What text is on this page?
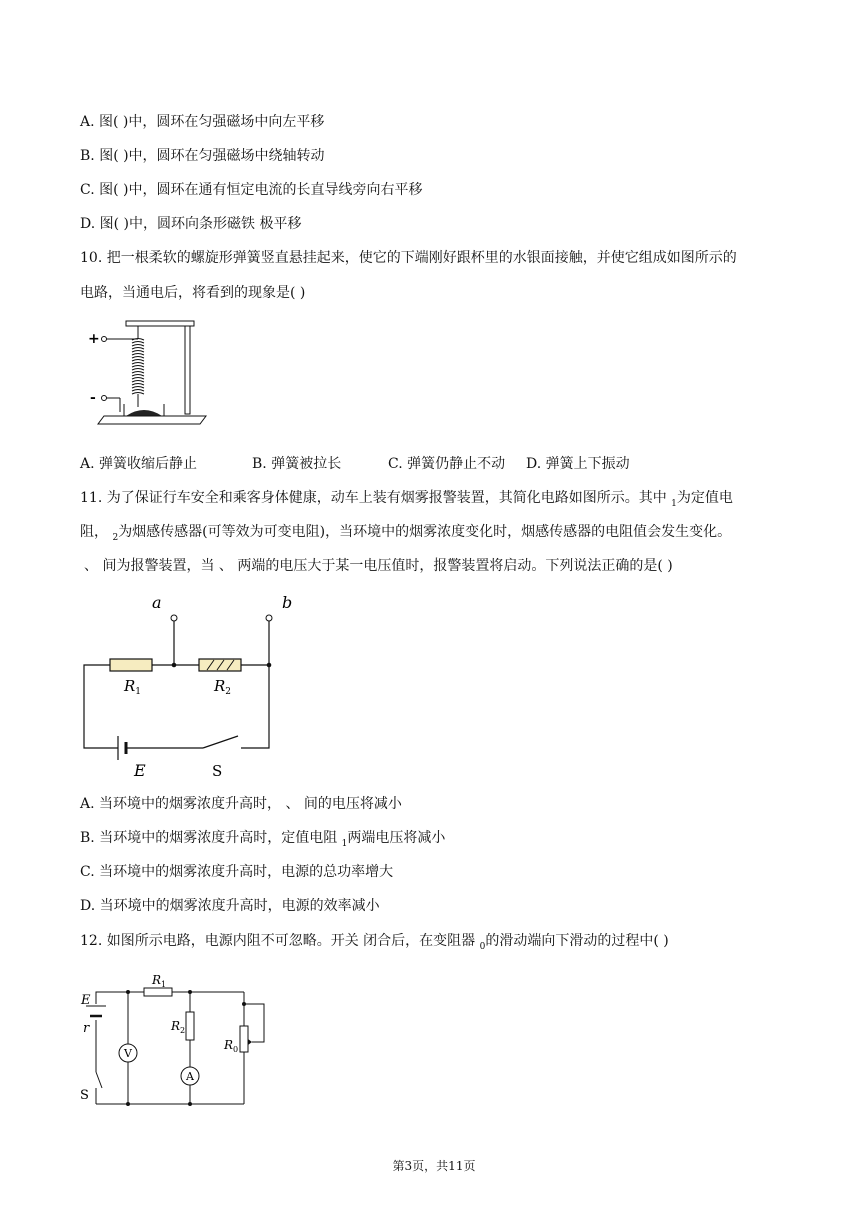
A. 图( )中，圆环在匀强磁场中向左平移
B. 图( )中，圆环在匀强磁场中绕轴转动
C. 图( )中，圆环在通有恒定电流的长直导线旁向右平移
D. 图( )中，圆环向条形磁铁 极平移
10. 把一根柔软的螺旋形弹簧竖直悬挂起来，使它的下端刚好跟杯里的水银面接触，并使它组成如图所示的
电路，当通电后，将看到的现象是( )
+
-
A. 弹簧收缩后静止	B. 弹簧被拉长	C. 弹簧仍静止不动 D. 弹簧上下振动
11. 为了保证行车安全和乘客身体健康，动车上装有烟雾报警装置，其简化电路如图所示。其中 $_1$为定值电
阻， $_2$为烟感传感器(可等效为可变电阻)，当环境中的烟雾浓度变化时，烟感传感器的电阻值会发生变化。
、 间为报警装置，当 、 两端的电压大于某一电压值时，报警装置将启动。下列说法正确的是( )
a	b
$R_1$	$R_2$
E	S
A. 当环境中的烟雾浓度升高时， 、 间的电压将减小
B. 当环境中的烟雾浓度升高时，定值电阻 $_1$两端电压将减小
C. 当环境中的烟雾浓度升高时，电源的总功率增大
D. 当环境中的烟雾浓度升高时，电源的效率减小
12. 如图所示电路，电源内阻不可忽略。开关 闭合后，在变阻器 $_0$的滑动端向下滑动的过程中( )
V
A
$R_1$
$R_2$
$R_0$
E
r
S
第3页，共11页
